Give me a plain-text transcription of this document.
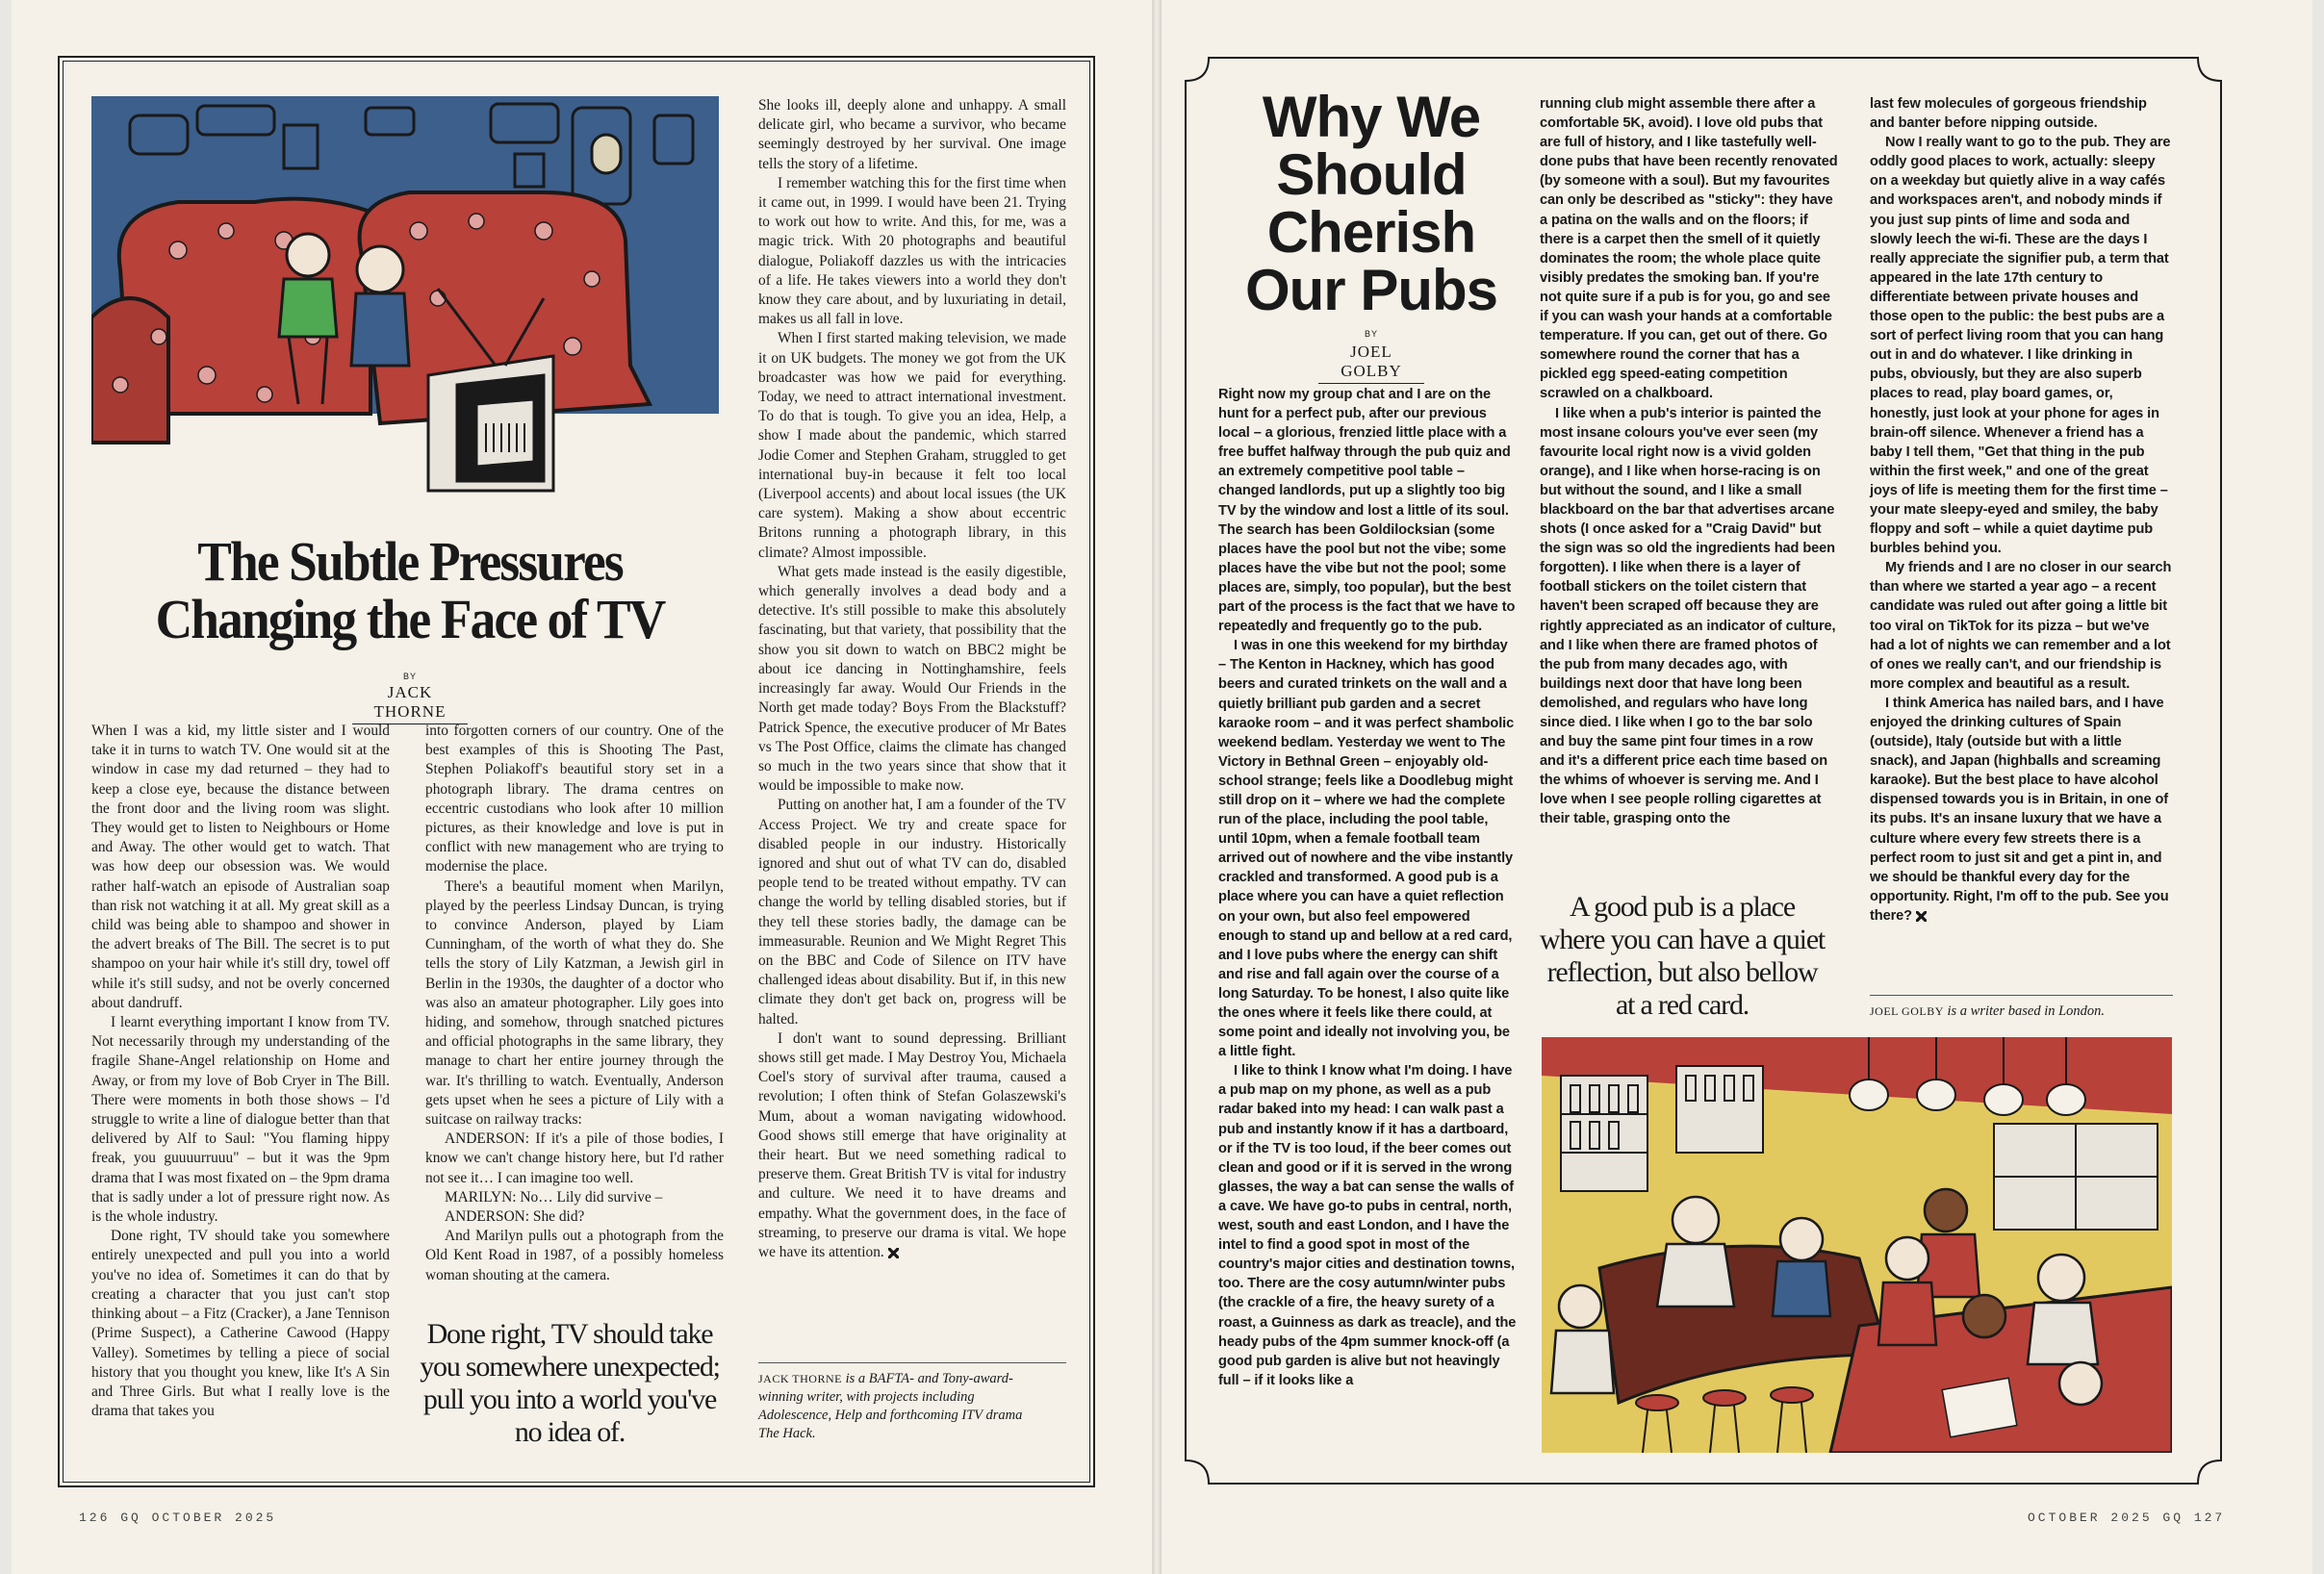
The Subtle Pressures Changing the Face of TV
BY
JACK THORNE

When I was a kid, my little sister and I would take it in turns to watch TV. One would sit at the window in case my dad returned – they had to keep a close eye, because the distance between the front door and the living room was slight. They would get to listen to Neighbours or Home and Away. The other would get to watch. That was how deep our obsession was. We would rather half-watch an episode of Australian soap than risk not watching it at all. My great skill as a child was being able to shampoo and shower in the advert breaks of The Bill. The secret is to put shampoo on your hair while it's still dry, towel off while it's still sudsy, and not be overly concerned about dandruff.

I learnt everything important I know from TV. Not necessarily through my understanding of the fragile Shane-Angel relationship on Home and Away, or from my love of Bob Cryer in The Bill. There were moments in both those shows – I'd struggle to write a line of dialogue better than that delivered by Alf to Saul: "You flaming hippy freak, you guuuurruuu" – but it was the 9pm drama that I was most fixated on – the 9pm drama that is sadly under a lot of pressure right now. As is the whole industry.

Done right, TV should take you somewhere entirely unexpected and pull you into a world you've no idea of. Sometimes it can do that by creating a character that you just can't stop thinking about – a Fitz (Cracker), a Jane Tennison (Prime Suspect), a Catherine Cawood (Happy Valley). Sometimes by telling a piece of social history that you thought you knew, like It's A Sin and Three Girls. But what I really love is the drama that takes you

into forgotten corners of our country. One of the best examples of this is Shooting The Past, Stephen Poliakoff's beautiful story set in a photograph library. The drama centres on eccentric custodians who look after 10 million pictures, as their knowledge and love is put in conflict with new management who are trying to modernise the place.

There's a beautiful moment when Marilyn, played by the peerless Lindsay Duncan, is trying to convince Anderson, played by Liam Cunningham, of the worth of what they do. She tells the story of Lily Katzman, a Jewish girl in Berlin in the 1930s, the daughter of a doctor who was also an amateur photographer. Lily goes into hiding, and somehow, through snatched pictures and official photographs in the same library, they manage to chart her entire journey through the war. It's thrilling to watch. Eventually, Anderson gets upset when he sees a picture of Lily with a suitcase on railway tracks:

ANDERSON: If it's a pile of those bodies, I know we can't change history here, but I'd rather not see it… I can imagine too well.

MARILYN: No… Lily did survive –

ANDERSON: She did?

And Marilyn pulls out a photograph from the Old Kent Road in 1987, of a possibly homeless woman shouting at the camera.

Done right, TV should take you somewhere unexpected; pull you into a world you've no idea of.

She looks ill, deeply alone and unhappy. A small delicate girl, who became a survivor, who became seemingly destroyed by her survival. One image tells the story of a lifetime.

I remember watching this for the first time when it came out, in 1999. I would have been 21. Trying to work out how to write. And this, for me, was a magic trick. With 20 photographs and beautiful dialogue, Poliakoff dazzles us with the intricacies of a life. He takes viewers into a world they don't know they care about, and by luxuriating in detail, makes us all fall in love.

When I first started making television, we made it on UK budgets. The money we got from the UK broadcaster was how we paid for everything. Today, we need to attract international investment. To do that is tough. To give you an idea, Help, a show I made about the pandemic, which starred Jodie Comer and Stephen Graham, struggled to get international buy-in because it felt too local (Liverpool accents) and about local issues (the UK care system). Making a show about eccentric Britons running a photograph library, in this climate? Almost impossible.

What gets made instead is the easily digestible, which generally involves a dead body and a detective. It's still possible to make this absolutely fascinating, but that variety, that possibility that the show you sit down to watch on BBC2 might be about ice dancing in Nottinghamshire, feels increasingly far away. Would Our Friends in the North get made today? Boys From the Blackstuff? Patrick Spence, the executive producer of Mr Bates vs The Post Office, claims the climate has changed so much in the two years since that show that it would be impossible to make now.

Putting on another hat, I am a founder of the TV Access Project. We try and create space for disabled people in our industry. Historically ignored and shut out of what TV can do, disabled people tend to be treated without empathy. TV can change the world by telling disabled stories, but if they tell these stories badly, the damage can be immeasurable. Reunion and We Might Regret This on the BBC and Code of Silence on ITV have challenged ideas about disability. But if, in this new climate they don't get back on, progress will be halted.

I don't want to sound depressing. Brilliant shows still get made. I May Destroy You, Michaela Coel's story of survival after trauma, caused a revolution; I often think of Stefan Golaszewski's Mum, about a woman navigating widowhood. Good shows still emerge that have originality at their heart. But we need something radical to preserve them. Great British TV is vital for industry and culture. We need it to have dreams and empathy. What the government does, in the face of streaming, to preserve our drama is vital. We hope we have its attention.

JACK THORNE is a BAFTA- and Tony-award-winning writer, with projects including Adolescence, Help and forthcoming ITV drama The Hack.
126 GQ OCTOBER 2025
Why We Should Cherish Our Pubs
BY
JOEL GOLBY

Right now my group chat and I are on the hunt for a perfect pub, after our previous local – a glorious, frenzied little place with a free buffet halfway through the pub quiz and an extremely competitive pool table – changed landlords, put up a slightly too big TV by the window and lost a little of its soul. The search has been Goldilocksian (some places have the pool but not the vibe; some places have the vibe but not the pool; some places are, simply, too popular), but the best part of the process is the fact that we have to repeatedly and frequently go to the pub.

I was in one this weekend for my birthday – The Kenton in Hackney, which has good beers and curated trinkets on the wall and a quietly brilliant pub garden and a secret karaoke room – and it was perfect shambolic weekend bedlam. Yesterday we went to The Victory in Bethnal Green – enjoyably old-school strange; feels like a Doodlebug might still drop on it – where we had the complete run of the place, including the pool table, until 10pm, when a female football team arrived out of nowhere and the vibe instantly crackled and transformed. A good pub is a place where you can have a quiet reflection on your own, but also feel empowered enough to stand up and bellow at a red card, and I love pubs where the energy can shift and rise and fall again over the course of a long Saturday. To be honest, I also quite like the ones where it feels like there could, at some point and ideally not involving you, be a little fight.

I like to think I know what I'm doing. I have a pub map on my phone, as well as a pub radar baked into my head: I can walk past a pub and instantly know if it has a dartboard, or if the TV is too loud, if the beer comes out clean and good or if it is served in the wrong glasses, the way a bat can sense the walls of a cave. We have go-to pubs in central, north, west, south and east London, and I have the intel to find a good spot in most of the country's major cities and destination towns, too. There are the cosy autumn/winter pubs (the crackle of a fire, the heavy surety of a roast, a Guinness as dark as treacle), and the heady pubs of the 4pm summer knock-off (a good pub garden is alive but not heavingly full – if it looks like a

running club might assemble there after a comfortable 5K, avoid). I love old pubs that are full of history, and I like tastefully well-done pubs that have been recently renovated (by someone with a soul). But my favourites can only be described as "sticky": they have a patina on the walls and on the floors; if there is a carpet then the smell of it quietly dominates the room; the whole place quite visibly predates the smoking ban. If you're not quite sure if a pub is for you, go and see if you can wash your hands at a comfortable temperature. If you can, get out of there. Go somewhere round the corner that has a pickled egg speed-eating competition scrawled on a chalkboard.

I like when a pub's interior is painted the most insane colours you've ever seen (my favourite local right now is a vivid golden orange), and I like when horse-racing is on but without the sound, and I like a small blackboard on the bar that advertises arcane shots (I once asked for a "Craig David" but the sign was so old the ingredients had been forgotten). I like when there is a layer of football stickers on the toilet cistern that haven't been scraped off because they are rightly appreciated as an indicator of culture, and I like when there are framed photos of the pub from many decades ago, with buildings next door that have long been demolished, and regulars who have long since died. I like when I go to the bar solo and buy the same pint four times in a row and it's a different price each time based on the whims of whoever is serving me. And I love when I see people rolling cigarettes at their table, grasping onto the

A good pub is a place where you can have a quiet reflection, but also bellow at a red card.

last few molecules of gorgeous friendship and banter before nipping outside.

Now I really want to go to the pub. They are oddly good places to work, actually: sleepy on a weekday but quietly alive in a way cafés and workspaces aren't, and nobody minds if you just sup pints of lime and soda and slowly leech the wi-fi. These are the days I really appreciate the signifier pub, a term that appeared in the late 17th century to differentiate between private houses and those open to the public: the best pubs are a sort of perfect living room that you can hang out in and do whatever. I like drinking in pubs, obviously, but they are also superb places to read, play board games, or, honestly, just look at your phone for ages in brain-off silence. Whenever a friend has a baby I tell them, "Get that thing in the pub within the first week," and one of the great joys of life is meeting them for the first time – your mate sleepy-eyed and smiley, the baby floppy and soft – while a quiet daytime pub burbles behind you.

My friends and I are no closer in our search than where we started a year ago – a recent candidate was ruled out after going a little bit too viral on TikTok for its pizza – but we've had a lot of nights we can remember and a lot of ones we really can't, and our friendship is more complex and beautiful as a result.

I think America has nailed bars, and I have enjoyed the drinking cultures of Spain (outside), Italy (outside but with a little snack), and Japan (highballs and screaming karaoke). But the best place to have alcohol dispensed towards you is in Britain, in one of its pubs. It's an insane luxury that we have a culture where every few streets there is a perfect room to just sit and get a pint in, and we should be thankful every day for the opportunity. Right, I'm off to the pub. See you there?

JOEL GOLBY is a writer based in London.
OCTOBER 2025 GQ 127
